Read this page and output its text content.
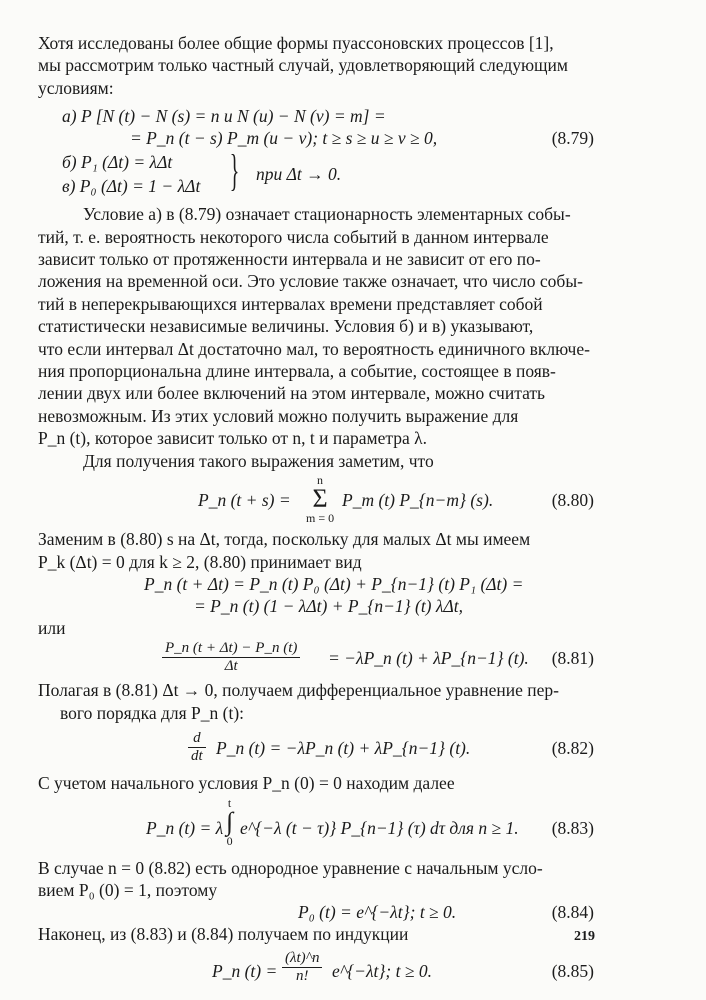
Хотя исследованы более общие формы пуассоновских процессов [1],
мы рассмотрим только частный случай, удовлетворяющий следующим
условиям:

а) P [N (t) − N (s) = n и N (u) − N (v) = m] =
= P_n (t − s) P_m (u − v); t ≥ s ≥ u ≥ v ≥ 0,	(8.79)
б) P₁ (Δt) = λΔt
в) P₀ (Δt) = 1 − λΔt } при Δt → 0.

Условие а) в (8.79) означает стационарность элементарных собы-
тий, т. е. вероятность некоторого числа событий в данном интервале
зависит только от протяженности интервала и не зависит от его по-
ложения на временной оси. Это условие также означает, что число собы-
тий в неперекрывающихся интервалах времени представляет собой
статистически независимые величины. Условия б) и в) указывают,
что если интервал Δt достаточно мал, то вероятность единичного включе-
ния пропорциональна длине интервала, а событие, состоящее в появ-
лении двух или более включений на этом интервале, можно считать
невозможным. Из этих условий можно получить выражение для
P_n (t), которое зависит только от n, t и параметра λ.

Для получения такого выражения заметим, что

P_n (t + s) =
n
Σ
m = 0
P_m (t) P_{n−m} (s).	(8.80)

Заменим в (8.80) s на Δt, тогда, поскольку для малых Δt мы имеем
P_k (Δt) = 0 для k ≥ 2, (8.80) принимает вид

P_n (t + Δt) = P_n (t) P₀ (Δt) + P_{n−1} (t) P₁ (Δt) =
= P_n (t) (1 − λΔt) + P_{n−1} (t) λΔt,
или
$\frac{P\_n (t + \Delta t) - P\_n (t)}{\Delta t}$ = −λP_n (t) + λP_{n−1} (t). (8.81)

Полагая в (8.81) Δt → 0, получаем дифференциальное уравнение пер-
вого порядка для P_n (t):

$\frac{d}{dt}$ P_n (t) = −λP_n (t) + λP_{n−1} (t).	(8.82)

С учетом начального условия P_n (0) = 0 находим далее

P_n (t) = λ
t
∫
0
e^{−λ (t − τ)} P_{n−1} (τ) dτ для n ≥ 1. (8.83)

В случае n = 0 (8.82) есть однородное уравнение с начальным усло-
вием P₀ (0) = 1, поэтому

P₀ (t) = e^{−λt}; t ≥ 0.	(8.84)

Наконец, из (8.83) и (8.84) получаем по индукции

P_n $(t) = \frac{(\lambda t)\^{}n}{n!}$ e^{−λt}; t ≥ 0.	(8.85)
219
